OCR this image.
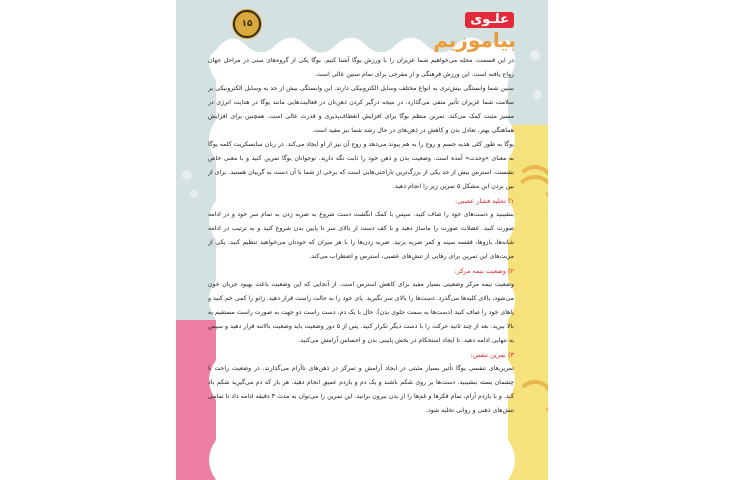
۱۵	علـوی
بیاموزیم

در این قسمت، مجله می‌خواهیم شما عزیزان را با ورزش یوگا آشنا کنیم. یوگا یکی از گروه‌های سنی در مراحل جهان رواج یافته است. این ورزش فرهنگی و از مفرحی برای تمام سنین عالی است.

سنین شما وابستگی بیش‌تری به انواع مختلف وسایل الکترونیکی دارند. این وابستگی بیش از حد به وسایل الکترونیکی بر سلامت شما عزیزان تأثیر منفی می‌گذارد. در نتیجه درگیر کردن ذهن‌تان در فعالیت‌هایی مانند یوگا در هدایت انرژی در مسیر مثبت کمک می‌کند. تمرین منظم یوگا برای افزایش انعطاف‌پذیری و قدرت عالی است. همچنین برای افزایش هماهنگی بهتر، تعادل بدن و کاهش در ذهن‌های در حال رشد شما نیز مفید است.

یوگا به طور کلی هدیه جسم و روح را به هم پیوند می‌دهد و روح آن نیز از او ایجاد می‌کند. در زبان سانسکریت کلمه یوگا به معنای «وحدت» آمده است. وضعیت بدن و ذهن خود را ثابت نگه دارید. نوجوانان یوگا تمرین کنید و با معنی خاص نشست. استرس بیش از حد یکی از بزرگ‌ترین ناراحتی‌هایی است که برخی از شما با آن دست به گریبان هستید. برای از بین بردن این مشکل ۵ تمرین زیر را انجام دهید.

۱) تخلیه فشار عصبی:

بنشینید و دست‌های خود را صاف کنید. سپس با کمک انگشت دست شروع به ضربه زدن به تمام سر خود و در ادامه صورت کنید. عضلات صورت را ماساژ دهید و با کف دست از بالای سر تا پایین بدن شروع کنید و به ترتیب در ادامه شانه‌ها، بازوها، قفسه سینه و کمر ضربه بزنید. ضربه زدن‌ها را با هر میزان که خودتان می‌خواهید تنظیم کنید. یکی از مزیت‌های این تمرین برای رهایی از تنش‌های عصبی، استرس و اضطراب می‌کند.

۲) وضعیت نیمه مرکز:

وضعیت نیمه مرکز وضعیتی بسیار مفید برای کاهش استرس است. از آنجایی که این وضعیت باعث بهبود جریان خون می‌شود، بالای کلیه‌ها می‌گذرد. دست‌ها را بالای سر بگیرید. پای خود را به حالت راست قرار دهید. زانو را کمی خم کنید و پاهای خود را صاف کنید (دست‌ها به سمت جلوی بدن). حال با یک دم، دست راست دو جهت به صورت راست مستقیم به بالا ببرید. بعد از چند ثانیه حرکت را با دست دیگر تکرار کنید. پس از ۵ دور وضعیت باید وضعیت بالاتنه قرار دهید و سپس به تنهایی ادامه دهید. تا ایجاد استحکام در بخش پایینی بدن و احساس آرامش می‌کنید.

۳) تمرین تنفس:

تمرین‌های تنفسی یوگا تأثیر بسیار مثبتی در ایجاد آرامش و تمرکز در ذهن‌های ناآرام می‌گذارند. در وضعیت راحت با چشمان بسته بنشینید. دست‌ها بر روی شکم باشند و یک دم و بازدم عمیق انجام دهید. هر بار که دم می‌گیرید شکم باد کند. و با بازدم آرام، تمام فکرها و غم‌ها را از بدن بیرون برانید. این تمرین را می‌توان به مدت ۳ دقیقه ادامه داد تا تمامی تنش‌های ذهنی و روانی تخلیه شود.
